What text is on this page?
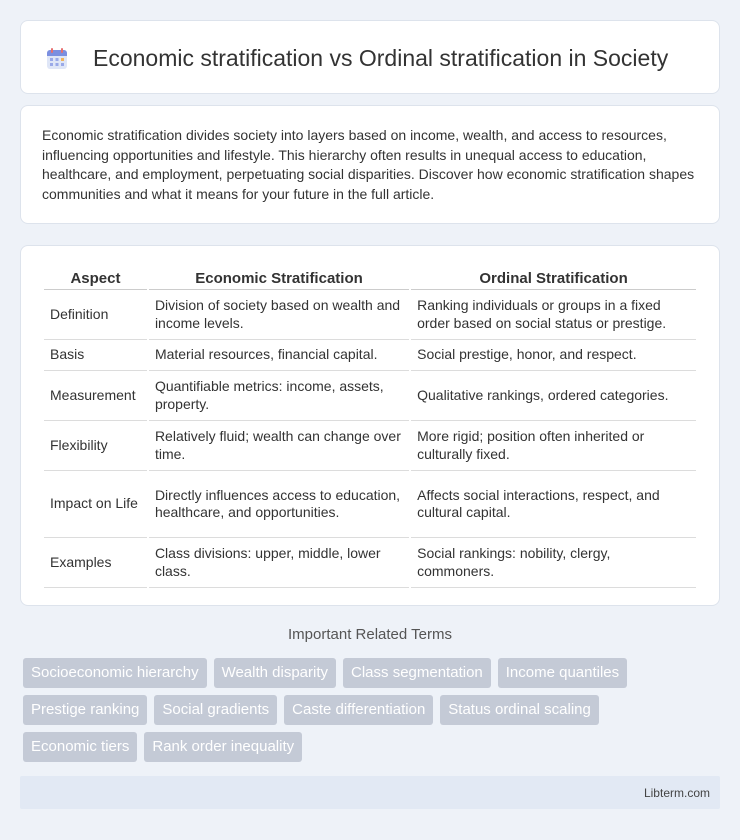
Economic stratification vs Ordinal stratification in Society

Economic stratification divides society into layers based on income, wealth, and access to resources, influencing opportunities and lifestyle. This hierarchy often results in unequal access to education, healthcare, and employment, perpetuating social disparities. Discover how economic stratification shapes communities and what it means for your future in the full article.

Aspect	Economic Stratification	Ordinal Stratification
Definition	Division of society based on wealth and income levels.	Ranking individuals or groups in a fixed order based on social status or prestige.
Basis	Material resources, financial capital.	Social prestige, honor, and respect.
Measurement	Quantifiable metrics: income, assets, property.	Qualitative rankings, ordered categories.
Flexibility	Relatively fluid; wealth can change over time.	More rigid; position often inherited or culturally fixed.
Impact on Life	Directly influences access to education, healthcare, and opportunities.	Affects social interactions, respect, and cultural capital.
Examples	Class divisions: upper, middle, lower class.	Social rankings: nobility, clergy, commoners.
Important Related Terms
Socioeconomic hierarchy	Wealth disparity	Class segmentation	Income quantiles
Prestige ranking	Social gradients	Caste differentiation	Status ordinal scaling
Economic tiers	Rank order inequality
Libterm.com
